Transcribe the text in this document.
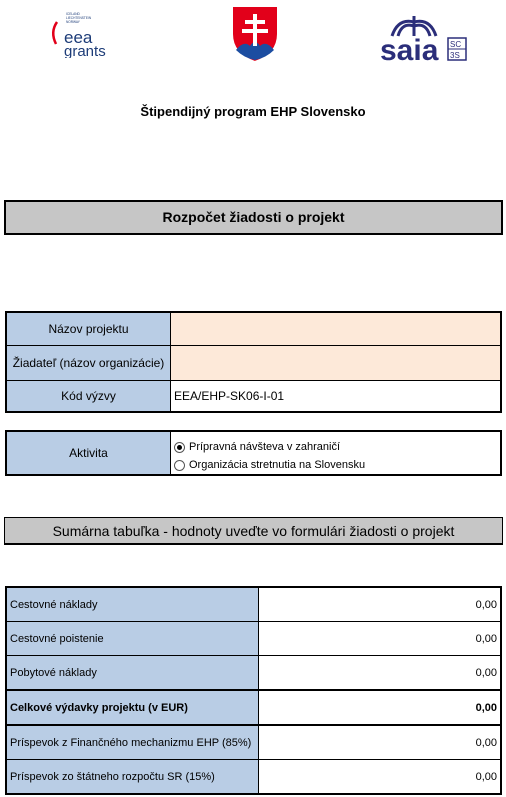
ICELAND
LIECHTENSTEIN
NORWAY
eea
grants	saia SC
3S
Štipendijný program EHP Slovensko
Rozpočet žiadosti o projekt
Názov projektu	
Žiadateľ (názov organizácie)	
Kód výzvy	EEA/EHP-SK06-I-01
Aktivita	Prípravná návšteva v zahraničí
Organizácia stretnutia na Slovensku
Sumárna tabuľka - hodnoty uveďte vo formulári žiadosti o projekt
Cestovné náklady	0,00
Cestovné poistenie	0,00
Pobytové náklady	0,00
Celkové výdavky projektu (v EUR)	0,00
Príspevok z Finančného mechanizmu EHP (85%)	0,00
Príspevok zo štátneho rozpočtu SR (15%)	0,00
